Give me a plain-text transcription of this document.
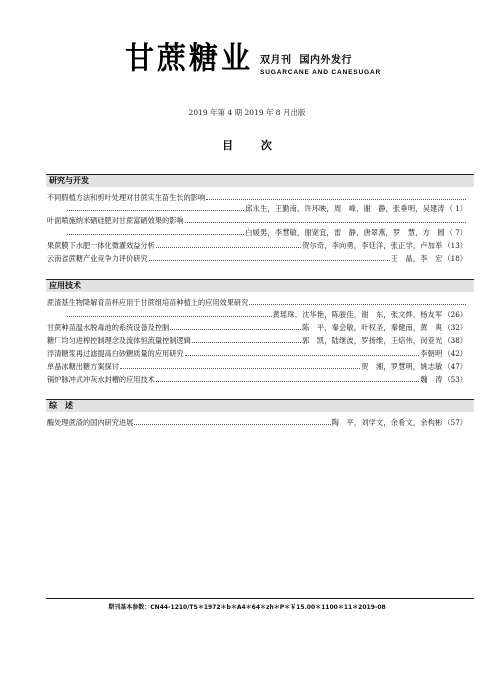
甘蔗糖业 双月刊 国内外发行
SUGARCANE AND CANESUGAR
2019 年第 4 期 2019 年 8 月出版
目 次
研究与开发
不同假植方法和剪叶处理对甘蔗实生苗生长的影响
邱永生，王勤南，许环映，周　峰，谢　静，张垂明，吴建涛 （ 1）
叶面喷施纳米硒硅肥对甘蔗富硒效果的影响
白媛男，李慧敏，谢宽宜，雷　静，唐翠燕，罗　慧，方　圆 （ 7）
果蔗膜下水肥一体化微灌效益分析	贺尔奇，李向勇，李廷洋，张正学，卢加举 （13）
云南省蔗糖产业竞争力评价研究	王　晶，李　宏 （18）
应用技术
蔗渣基生物降解育苗杯应用于甘蔗组培苗种植上的应用效果研究
黄瑶珠，沈华艳，陈骏佳，谢　东，张文烨，杨友军 （26）
甘蔗种苗温水脱毒池的系统设备及控制	陈　平，秦会敏，叶权圣，秦健南，黄　爽 （32）
糖厂均匀进榨控制理念及流体恒流量控制逻辑	郭　凯，陆继波，罗扬维，王焙伟，闵亚光 （38）
浮清糖浆再过滤提高白砂糖质量的应用研究	李朝明 （42）
单晶冰糖出糖方案探讨	贺　湘，罗慧明，姚志敏 （47）
锅炉脉冲式冲灰水封槽的应用技术	魏　涛 （53）
综　述
酶处理蔗渣的国内研究进展	陶　平，刘学文，余希文，余构彬 （57）
期刊基本参数：CN44-1210/TS＊1972＊b＊A4＊64＊zh＊P＊￥15.00＊1100＊11＊2019-08
